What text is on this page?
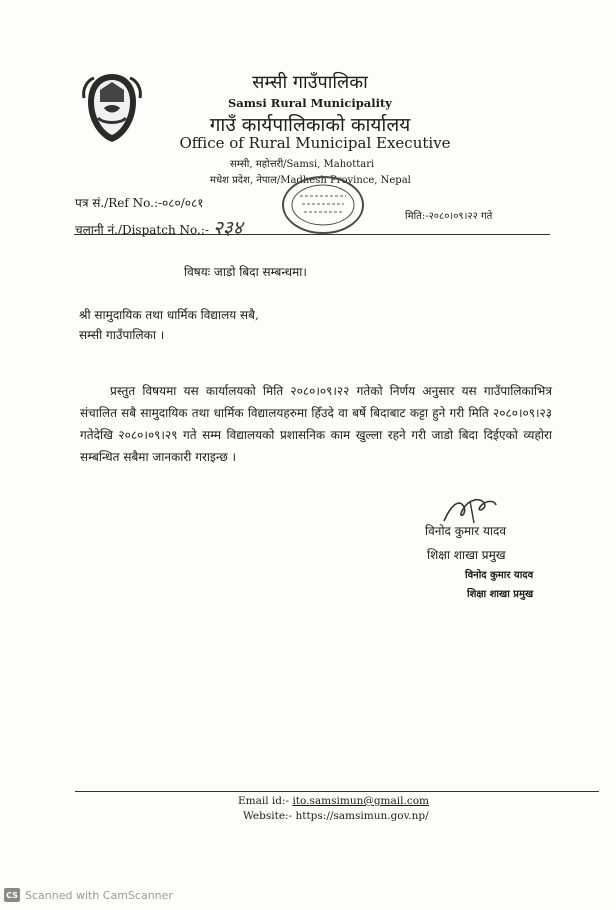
सम्सी गाउँपालिका
Samsi Rural Municipality
गाउँ कार्यपालिकाको कार्यालय
Office of Rural Municipal Executive
सम्सी, महोत्तरी/Samsi, Mahottari
मधेश प्रदेश, नेपाल/Madhesh Province, Nepal
पत्र सं./Ref No.:-०८०/०८१
चलानी नं./Dispatch No.:- २३४
मिति:-२०८०।०९।२२ गते
विषयः जाडो बिदा सम्बन्धमा।
श्री सामुदायिक तथा धार्मिक विद्यालय सबै,
सम्सी गाउँपालिका ।
प्रस्तुत विषयमा यस कार्यालयको मिति २०८०।०९।२२ गतेको निर्णय अनुसार यस गाउँपालिकाभित्र संचालित सबै सामुदायिक तथा धार्मिक विद्यालयहरुमा हिँउदे वा बर्षे बिदाबाट कट्टा हुने गरी मिति २०८०।०९।२३ गतेदेखि २०८०।०९।२९ गते सम्म विद्यालयको प्रशासनिक काम खुल्ला रहने गरी जाडो बिदा दिईएको व्यहोरा सम्बन्धित सबैमा जानकारी गराइन्छ ।
विनोद कुमार यादव
शिक्षा शाखा प्रमुख
विनोद कुमार यादव
शिक्षा शाखा प्रमुख
Email id:- ito.samsimun@gmail.com
Website:- https://samsimun.gov.np/
CS Scanned with CamScanner
